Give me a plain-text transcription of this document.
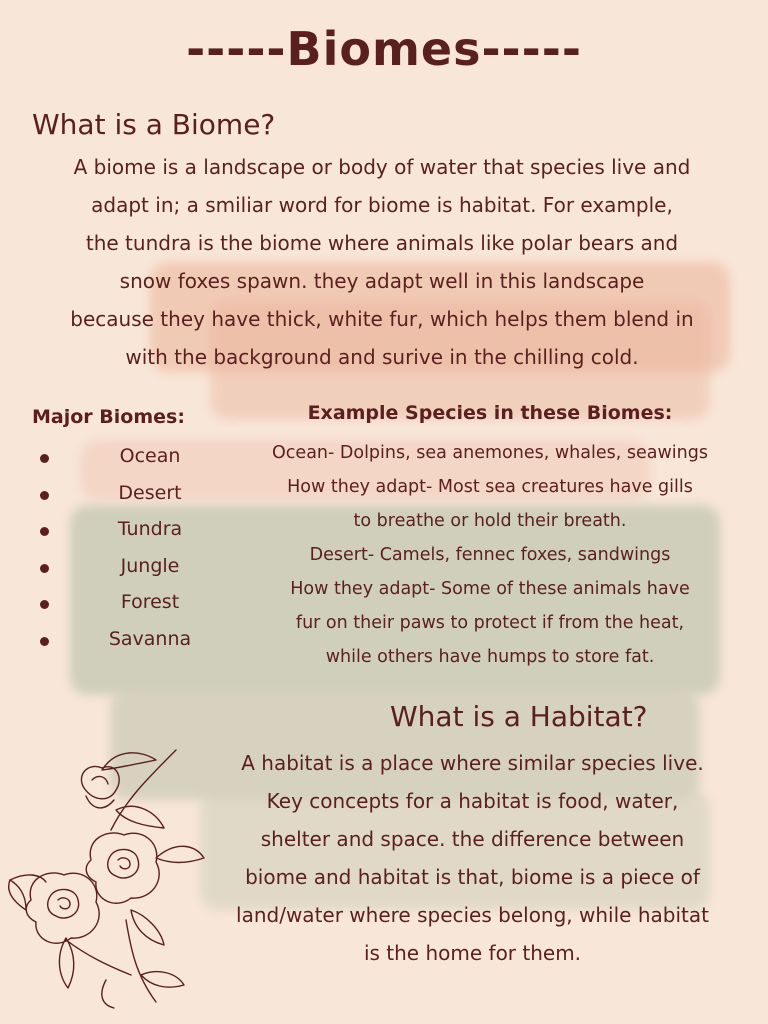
-----Biomes-----
What is a Biome?
A biome is a landscape or body of water that species live and
adapt in; a smiliar word for biome is habitat. For example,
the tundra is the biome where animals like polar bears and
snow foxes spawn. they adapt well in this landscape
because they have thick, white fur, which helps them blend in
with the background and surive in the chilling cold.
Major Biomes:
Ocean
Desert
Tundra
Jungle
Forest
Savanna
Example Species in these Biomes:
Ocean- Dolpins, sea anemones, whales, seawings
How they adapt- Most sea creatures have gills
to breathe or hold their breath.
Desert- Camels, fennec foxes, sandwings
How they adapt- Some of these animals have
fur on their paws to protect if from the heat,
while others have humps to store fat.
What is a Habitat?
A habitat is a place where similar species live.
Key concepts for a habitat is food, water,
shelter and space. the difference between
biome and habitat is that, biome is a piece of
land/water where species belong, while habitat
is the home for them.
